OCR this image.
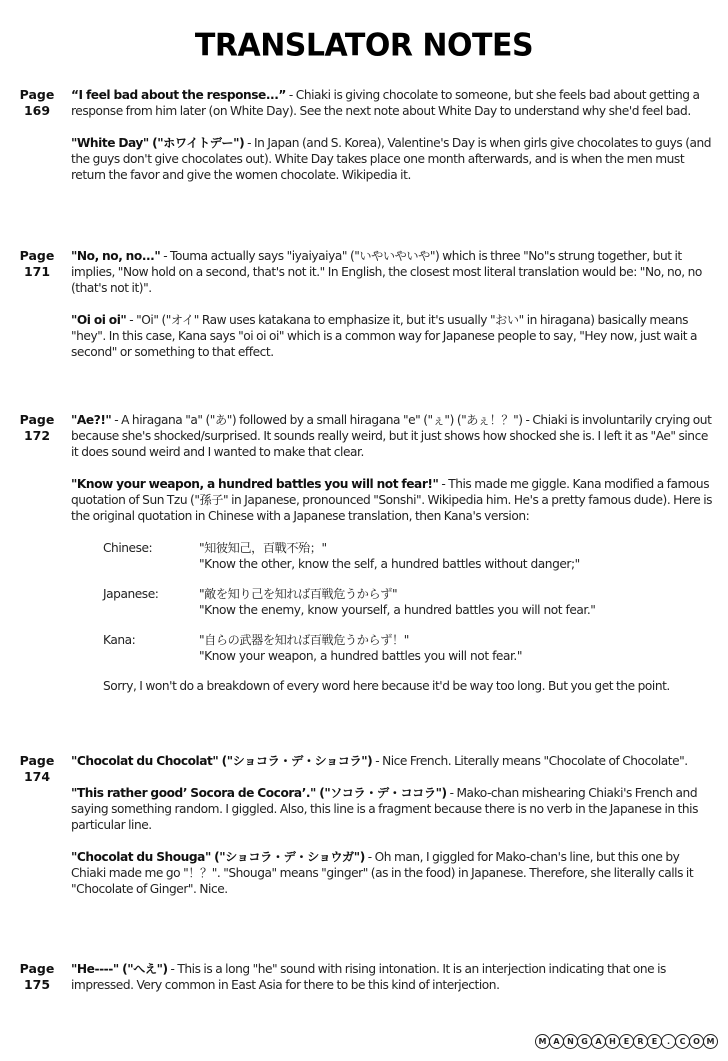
TRANSLATOR NOTES
Page
169

“I feel bad about the response...” - Chiaki is giving chocolate to someone, but she feels bad about getting a response from him later (on White Day). See the next note about White Day to understand why she'd feel bad.

"White Day" ("ホワイトデー") - In Japan (and S. Korea), Valentine's Day is when girls give chocolates to guys (and the guys don't give chocolates out). White Day takes place one month afterwards, and is when the men must return the favor and give the women chocolate. Wikipedia it.

Page
171

"No, no, no..." - Touma actually says "iyaiyaiya" ("いやいやいや") which is three "No"s strung together, but it implies, "Now hold on a second, that's not it." In English, the closest most literal translation would be: "No, no, no (that's not it)".

"Oi oi oi" - "Oi" ("オイ" Raw uses katakana to emphasize it, but it's usually "おい" in hiragana) basically means "hey". In this case, Kana says "oi oi oi" which is a common way for Japanese people to say, "Hey now, just wait a second" or something to that effect.

Page
172

"Ae?!" - A hiragana "a" ("あ") followed by a small hiragana "e" ("ぇ") ("あぇ！？") - Chiaki is involuntarily crying out because she's shocked/surprised. It sounds really weird, but it just shows how shocked she is. I left it as "Ae" since it does sound weird and I wanted to make that clear.

"Know your weapon, a hundred battles you will not fear!" - This made me giggle. Kana modified a famous quotation of Sun Tzu ("孫子" in Japanese, pronounced "Sonshi". Wikipedia him. He's a pretty famous dude). Here is the original quotation in Chinese with a Japanese translation, then Kana's version:

Chinese:	"知彼知己，百戰不殆；"
"Know the other, know the self, a hundred battles without danger;"
Japanese:	"敵を知り己を知れば百戦危うからず"
"Know the enemy, know yourself, a hundred battles you will not fear."
Kana:	"自らの武器を知れば百戦危うからず！"
"Know your weapon, a hundred battles you will not fear."

Sorry, I won't do a breakdown of every word here because it'd be way too long. But you get the point.

Page
174

"Chocolat du Chocolat" ("ショコラ・デ・ショコラ") - Nice French. Literally means "Chocolate of Chocolate".

"This rather good’ Socora de Cocora’." ("ソコラ・デ・ココラ") - Mako-chan mishearing Chiaki's French and saying something random. I giggled. Also, this line is a fragment because there is no verb in the Japanese in this particular line.

"Chocolat du Shouga" ("ショコラ・デ・ショウガ") - Oh man, I giggled for Mako-chan's line, but this one by Chiaki made me go "！？". "Shouga" means "ginger" (as in the food) in Japanese. Therefore, she literally calls it "Chocolate of Ginger". Nice.

Page
175

"He----" ("へえ") - This is a long "he" sound with rising intonation. It is an interjection indicating that one is impressed. Very common in East Asia for there to be this kind of interjection.

M A N G A H E	R	E	.	C O M
